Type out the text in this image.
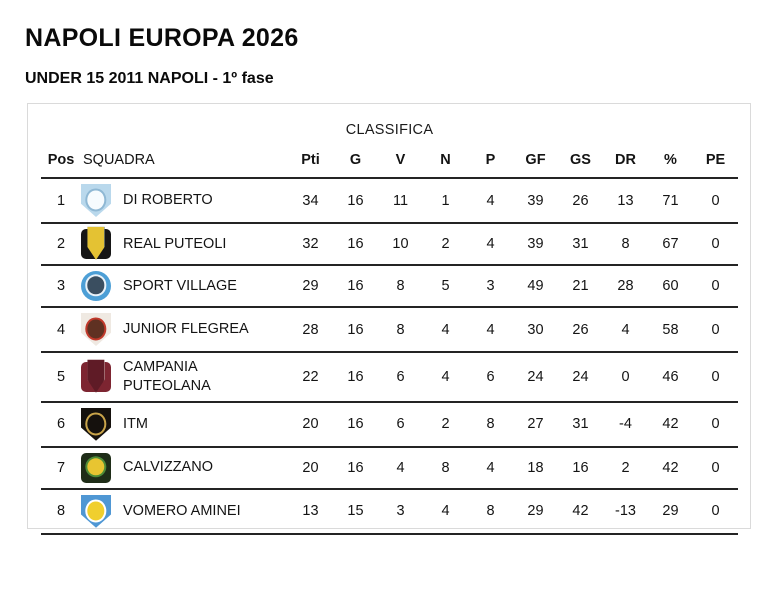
NAPOLI EUROPA 2026
UNDER 15 2011 NAPOLI - 1º fase
CLASSIFICA
Pos	SQUADRA	Pti	G	V	N	P	GF	GS	DR	%	PE
1	DI ROBERTO	34	16	11	1	4	39	26	13	71	0
2	REAL PUTEOLI	32	16	10	2	4	39	31	8	67	0
3	SPORT VILLAGE	29	16	8	5	3	49	21	28	60	0
4	JUNIOR FLEGREA	28	16	8	4	4	30	26	4	58	0
5	CAMPANIA PUTEOLANA	22	16	6	4	6	24	24	0	46	0
6	ITM	20	16	6	2	8	27	31	-4	42	0
7	CALVIZZANO	20	16	4	8	4	18	16	2	42	0
8	VOMERO AMINEI	13	15	3	4	8	29	42	-13	29	0
